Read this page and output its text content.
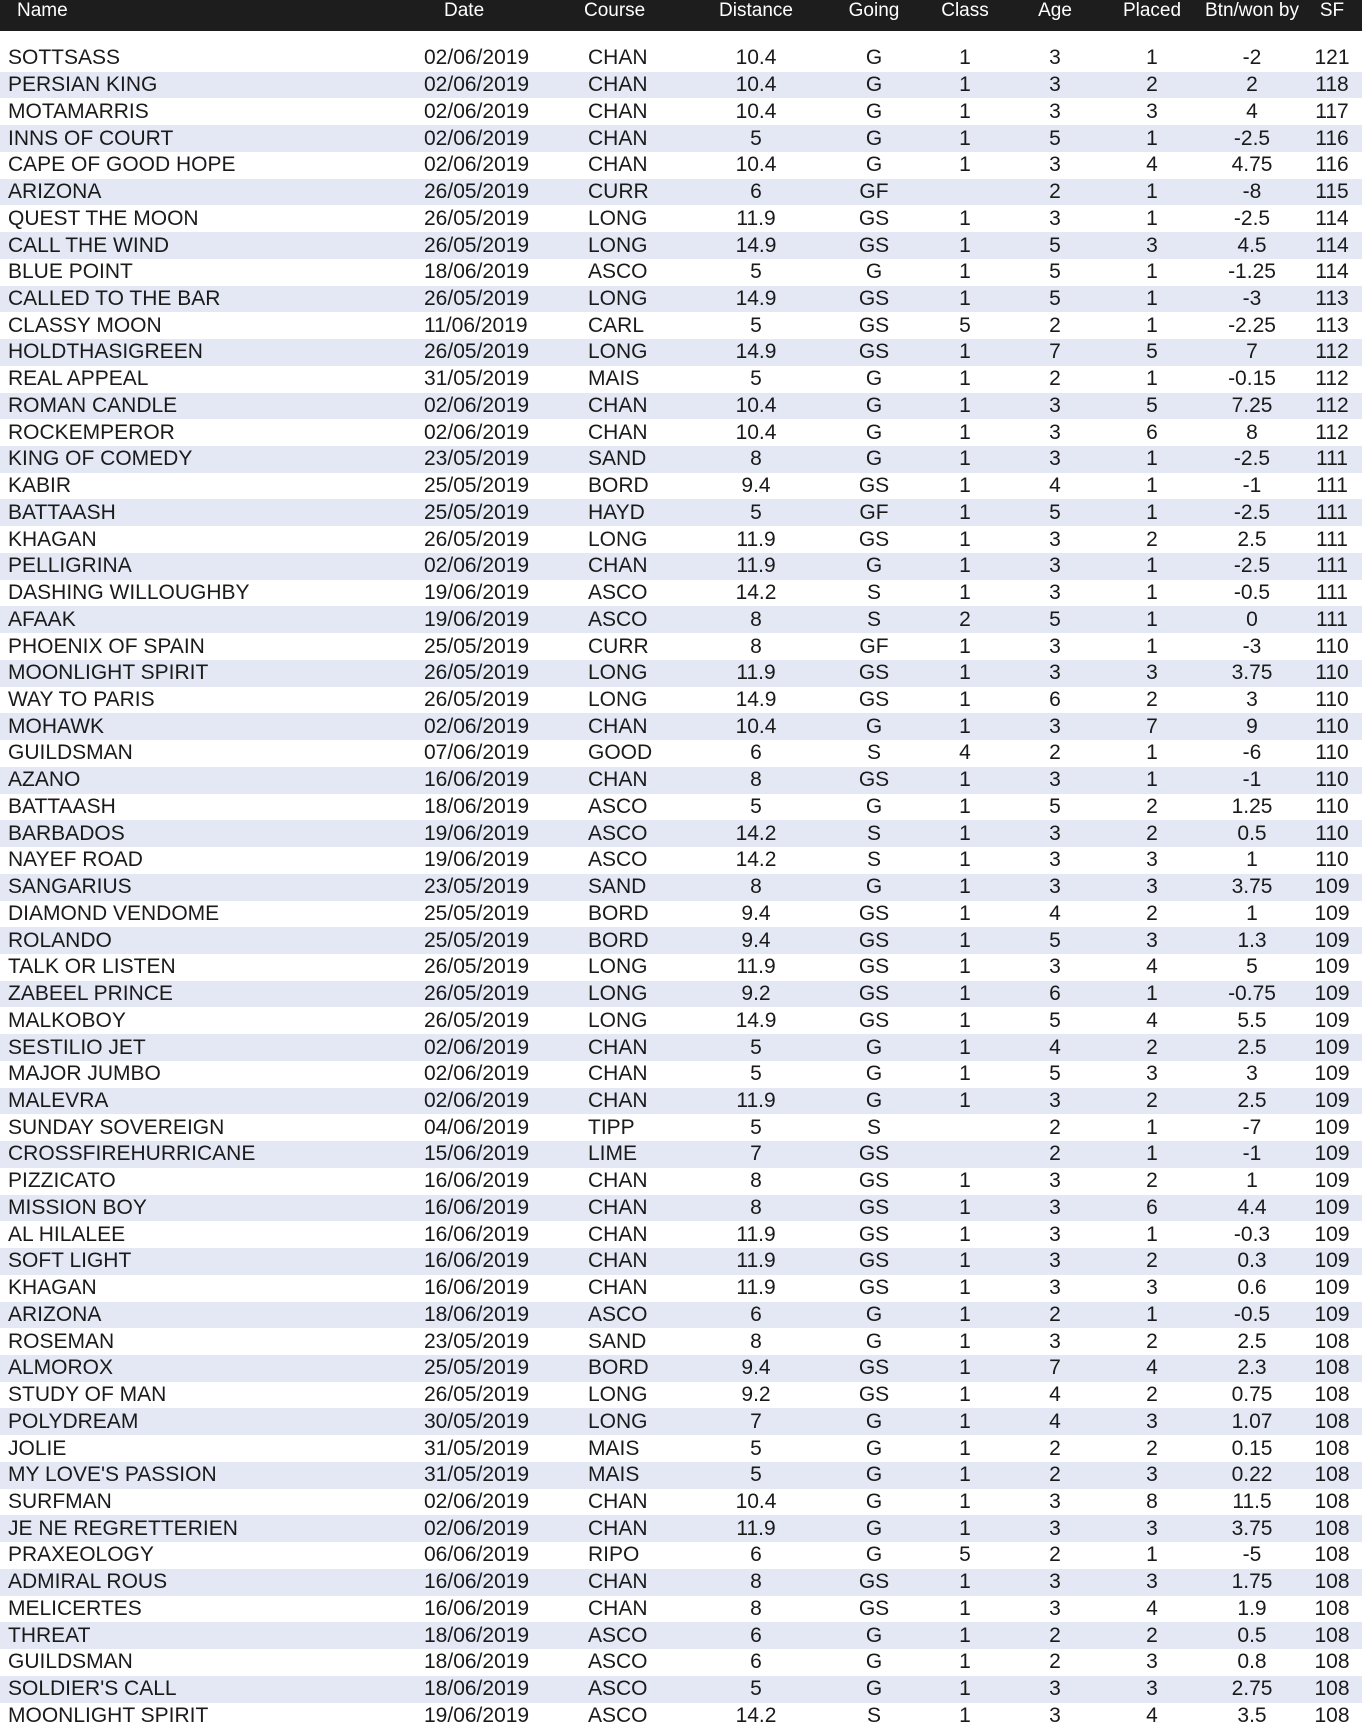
Name	Date	Course	Distance	Going	Class	Age	Placed	Btn/won by	SF

SOTTSASS	02/06/2019	CHAN	10.4	G	1	3	1	-2	121
PERSIAN KING	02/06/2019	CHAN	10.4	G	1	3	2	2	118
MOTAMARRIS	02/06/2019	CHAN	10.4	G	1	3	3	4	117
INNS OF COURT	02/06/2019	CHAN	5	G	1	5	1	-2.5	116
CAPE OF GOOD HOPE	02/06/2019	CHAN	10.4	G	1	3	4	4.75	116
ARIZONA	26/05/2019	CURR	6	GF		2	1	-8	115
QUEST THE MOON	26/05/2019	LONG	11.9	GS	1	3	1	-2.5	114
CALL THE WIND	26/05/2019	LONG	14.9	GS	1	5	3	4.5	114
BLUE POINT	18/06/2019	ASCO	5	G	1	5	1	-1.25	114
CALLED TO THE BAR	26/05/2019	LONG	14.9	GS	1	5	1	-3	113
CLASSY MOON	11/06/2019	CARL	5	GS	5	2	1	-2.25	113
HOLDTHASIGREEN	26/05/2019	LONG	14.9	GS	1	7	5	7	112
REAL APPEAL	31/05/2019	MAIS	5	G	1	2	1	-0.15	112
ROMAN CANDLE	02/06/2019	CHAN	10.4	G	1	3	5	7.25	112
ROCKEMPEROR	02/06/2019	CHAN	10.4	G	1	3	6	8	112
KING OF COMEDY	23/05/2019	SAND	8	G	1	3	1	-2.5	111
KABIR	25/05/2019	BORD	9.4	GS	1	4	1	-1	111
BATTAASH	25/05/2019	HAYD	5	GF	1	5	1	-2.5	111
KHAGAN	26/05/2019	LONG	11.9	GS	1	3	2	2.5	111
PELLIGRINA	02/06/2019	CHAN	11.9	G	1	3	1	-2.5	111
DASHING WILLOUGHBY	19/06/2019	ASCO	14.2	S	1	3	1	-0.5	111
AFAAK	19/06/2019	ASCO	8	S	2	5	1	0	111
PHOENIX OF SPAIN	25/05/2019	CURR	8	GF	1	3	1	-3	110
MOONLIGHT SPIRIT	26/05/2019	LONG	11.9	GS	1	3	3	3.75	110
WAY TO PARIS	26/05/2019	LONG	14.9	GS	1	6	2	3	110
MOHAWK	02/06/2019	CHAN	10.4	G	1	3	7	9	110
GUILDSMAN	07/06/2019	GOOD	6	S	4	2	1	-6	110
AZANO	16/06/2019	CHAN	8	GS	1	3	1	-1	110
BATTAASH	18/06/2019	ASCO	5	G	1	5	2	1.25	110
BARBADOS	19/06/2019	ASCO	14.2	S	1	3	2	0.5	110
NAYEF ROAD	19/06/2019	ASCO	14.2	S	1	3	3	1	110
SANGARIUS	23/05/2019	SAND	8	G	1	3	3	3.75	109
DIAMOND VENDOME	25/05/2019	BORD	9.4	GS	1	4	2	1	109
ROLANDO	25/05/2019	BORD	9.4	GS	1	5	3	1.3	109
TALK OR LISTEN	26/05/2019	LONG	11.9	GS	1	3	4	5	109
ZABEEL PRINCE	26/05/2019	LONG	9.2	GS	1	6	1	-0.75	109
MALKOBOY	26/05/2019	LONG	14.9	GS	1	5	4	5.5	109
SESTILIO JET	02/06/2019	CHAN	5	G	1	4	2	2.5	109
MAJOR JUMBO	02/06/2019	CHAN	5	G	1	5	3	3	109
MALEVRA	02/06/2019	CHAN	11.9	G	1	3	2	2.5	109
SUNDAY SOVEREIGN	04/06/2019	TIPP	5	S		2	1	-7	109
CROSSFIREHURRICANE	15/06/2019	LIME	7	GS		2	1	-1	109
PIZZICATO	16/06/2019	CHAN	8	GS	1	3	2	1	109
MISSION BOY	16/06/2019	CHAN	8	GS	1	3	6	4.4	109
AL HILALEE	16/06/2019	CHAN	11.9	GS	1	3	1	-0.3	109
SOFT LIGHT	16/06/2019	CHAN	11.9	GS	1	3	2	0.3	109
KHAGAN	16/06/2019	CHAN	11.9	GS	1	3	3	0.6	109
ARIZONA	18/06/2019	ASCO	6	G	1	2	1	-0.5	109
ROSEMAN	23/05/2019	SAND	8	G	1	3	2	2.5	108
ALMOROX	25/05/2019	BORD	9.4	GS	1	7	4	2.3	108
STUDY OF MAN	26/05/2019	LONG	9.2	GS	1	4	2	0.75	108
POLYDREAM	30/05/2019	LONG	7	G	1	4	3	1.07	108
JOLIE	31/05/2019	MAIS	5	G	1	2	2	0.15	108
MY LOVE'S PASSION	31/05/2019	MAIS	5	G	1	2	3	0.22	108
SURFMAN	02/06/2019	CHAN	10.4	G	1	3	8	11.5	108
JE NE REGRETTERIEN	02/06/2019	CHAN	11.9	G	1	3	3	3.75	108
PRAXEOLOGY	06/06/2019	RIPO	6	G	5	2	1	-5	108
ADMIRAL ROUS	16/06/2019	CHAN	8	GS	1	3	3	1.75	108
MELICERTES	16/06/2019	CHAN	8	GS	1	3	4	1.9	108
THREAT	18/06/2019	ASCO	6	G	1	2	2	0.5	108
GUILDSMAN	18/06/2019	ASCO	6	G	1	2	3	0.8	108
SOLDIER'S CALL	18/06/2019	ASCO	5	G	1	3	3	2.75	108
MOONLIGHT SPIRIT	19/06/2019	ASCO	14.2	S	1	3	4	3.5	108
